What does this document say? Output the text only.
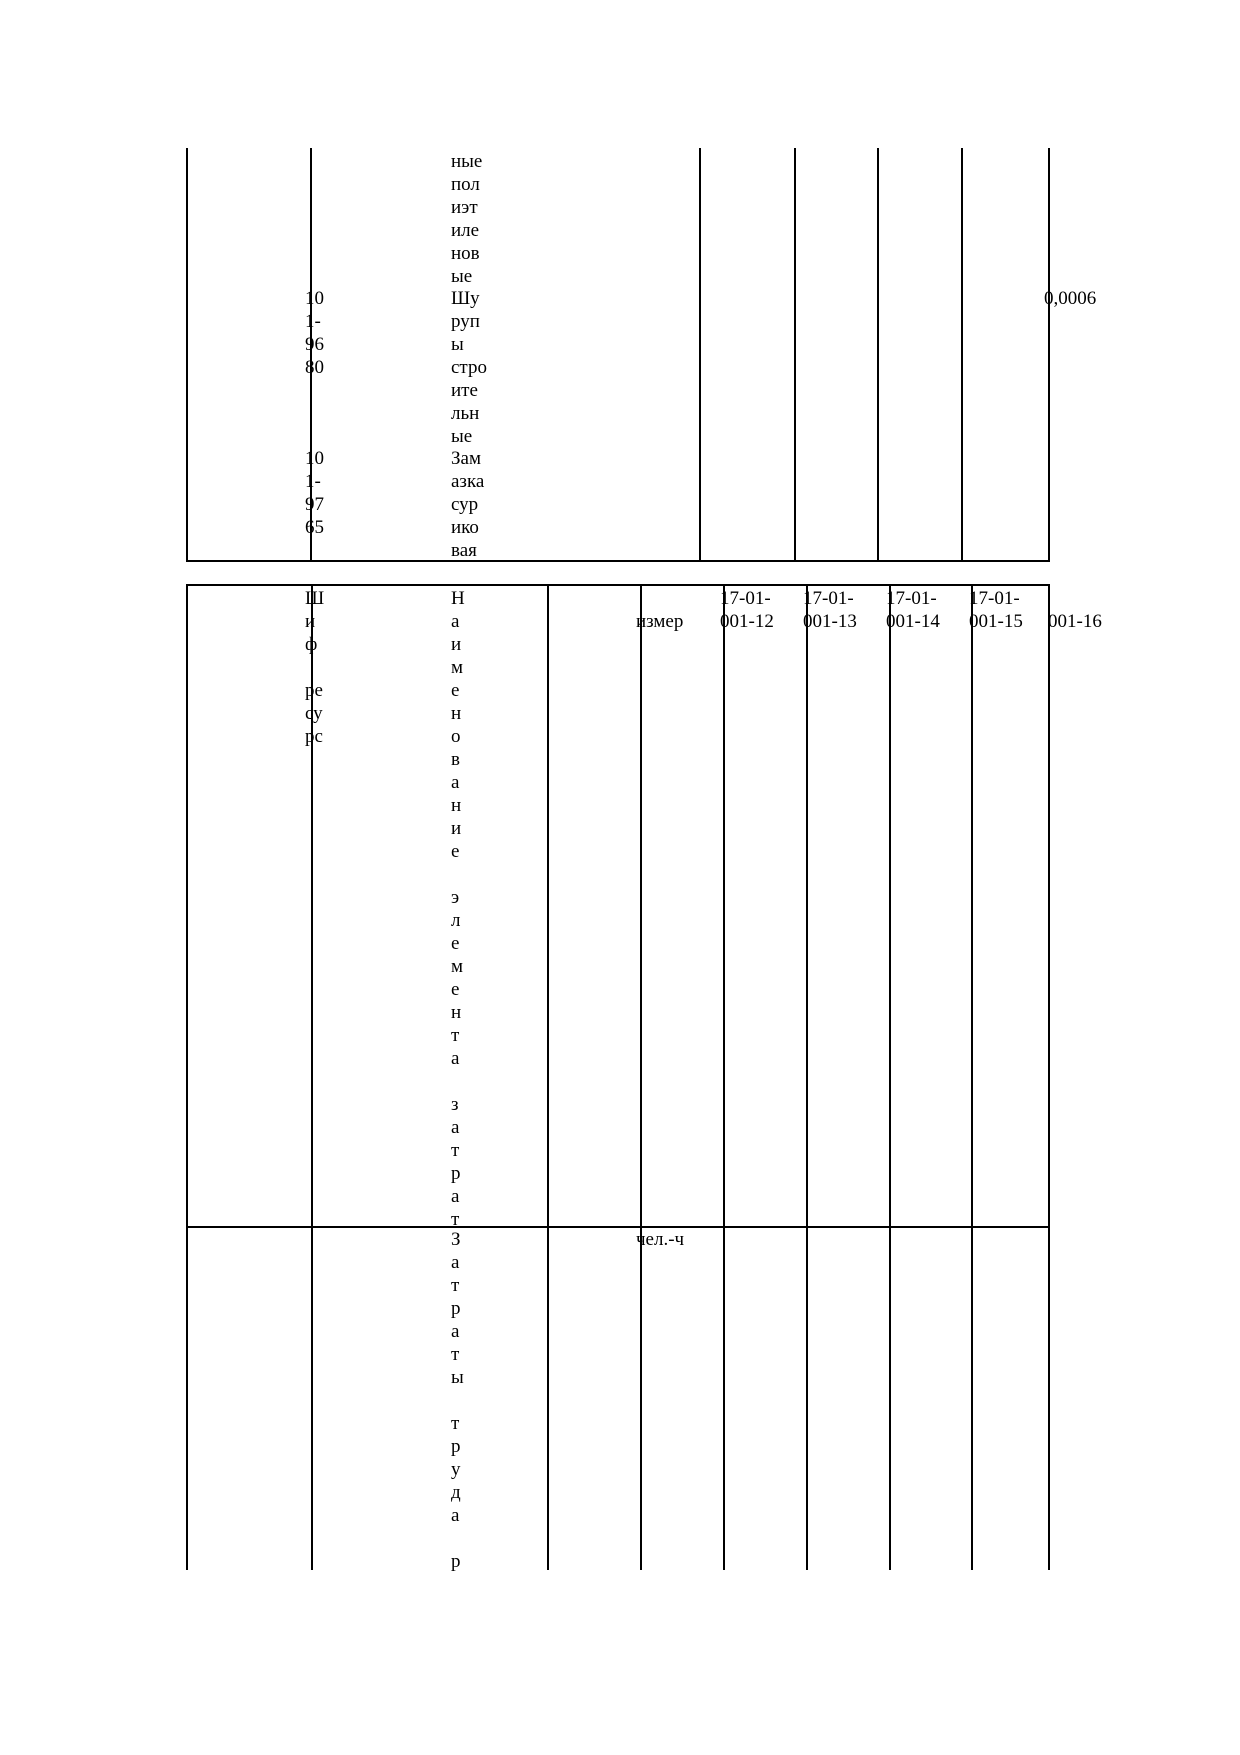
ные
пол
иэт
иле
нов
ые

10
1-
96
80

Шу
руп
ы
стро
ите
льн
ые

0,0006

10
1-
97
65

Зам
азка
сур
ико
вая

Ш
и
ф

ре
су
рс

Н
а
и
м
е
н
о
в
а
н
и
е

э
л
е
м
е
н
т
а

з
а
т
р
а
т

измер

17-01-
001-12

17-01-
001-13

17-01-
001-14

17-01-
001-15 001-16

З
а
т
р
а
т
ы

т
р
у
д
а

р

чел.-ч
